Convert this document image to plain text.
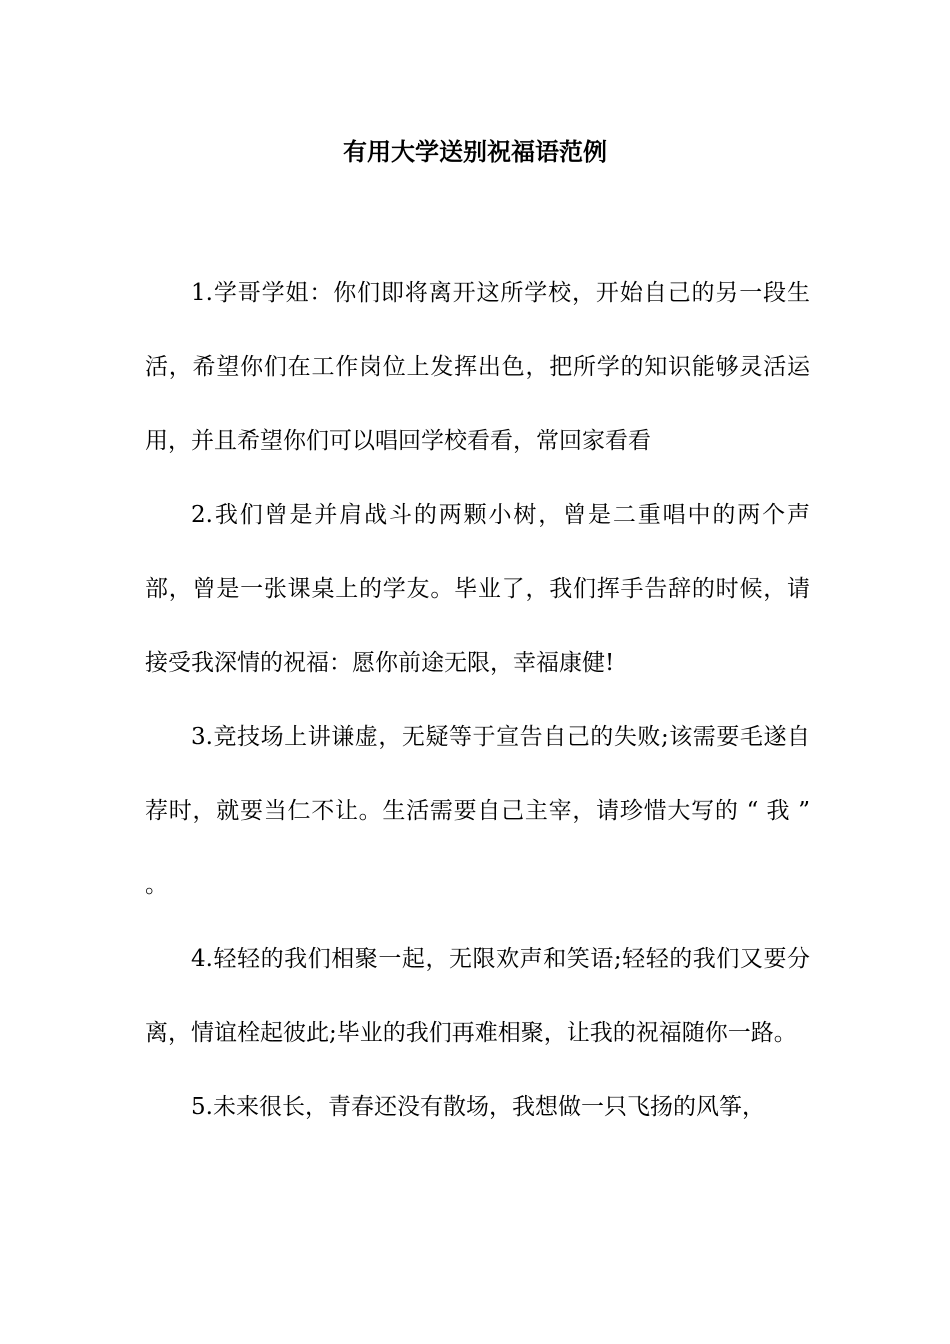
有用大学送别祝福语范例

1.学哥学姐：你们即将离开这所学校，开始自己的另一段生活，希望你们在工作岗位上发挥出色，把所学的知识能够灵活运用，并且希望你们可以唱回学校看看，常回家看看

2.我们曾是并肩战斗的两颗小树，曾是二重唱中的两个声部，曾是一张课桌上的学友。毕业了，我们挥手告辞的时候，请接受我深情的祝福：愿你前途无限，幸福康健!

3.竞技场上讲谦虚，无疑等于宣告自己的失败;该需要毛遂自荐时，就要当仁不让。生活需要自己主宰，请珍惜大写的 “ 我 ” 。

4.轻轻的我们相聚一起，无限欢声和笑语;轻轻的我们又要分离，情谊栓起彼此;毕业的我们再难相聚，让我的祝福随你一路。

5.未来很长，青春还没有散场，我想做一只飞扬的风筝，
